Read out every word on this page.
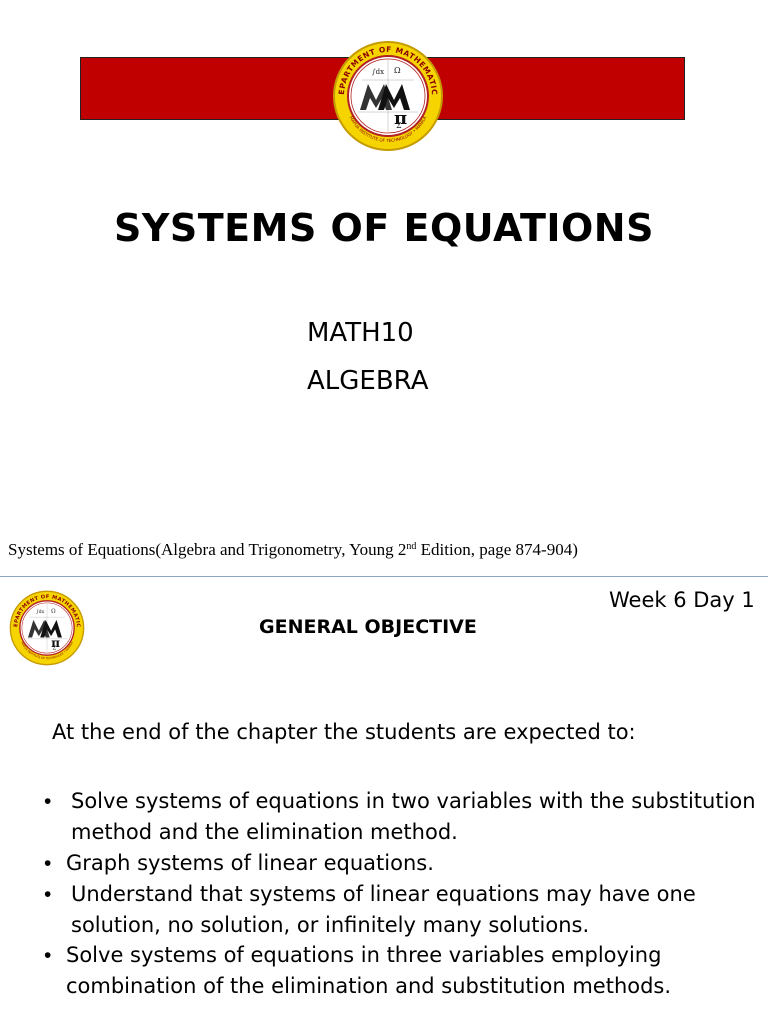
SYSTEMS OF EQUATIONS
MATH10
ALGEBRA
Systems of Equations(Algebra and Trigonometry, Young 2nd Edition, page 874-904)
Week 6 Day 1
GENERAL OBJECTIVE
At the end of the chapter the students are expected to:
• Solve systems of equations in two variables with the substitution
method and the elimination method.
• Graph systems of linear equations.
• Understand that systems of linear equations may have one
solution, no solution, or infinitely many solutions.
• Solve systems of equations in three variables employing
combination of the elimination and substitution methods.
